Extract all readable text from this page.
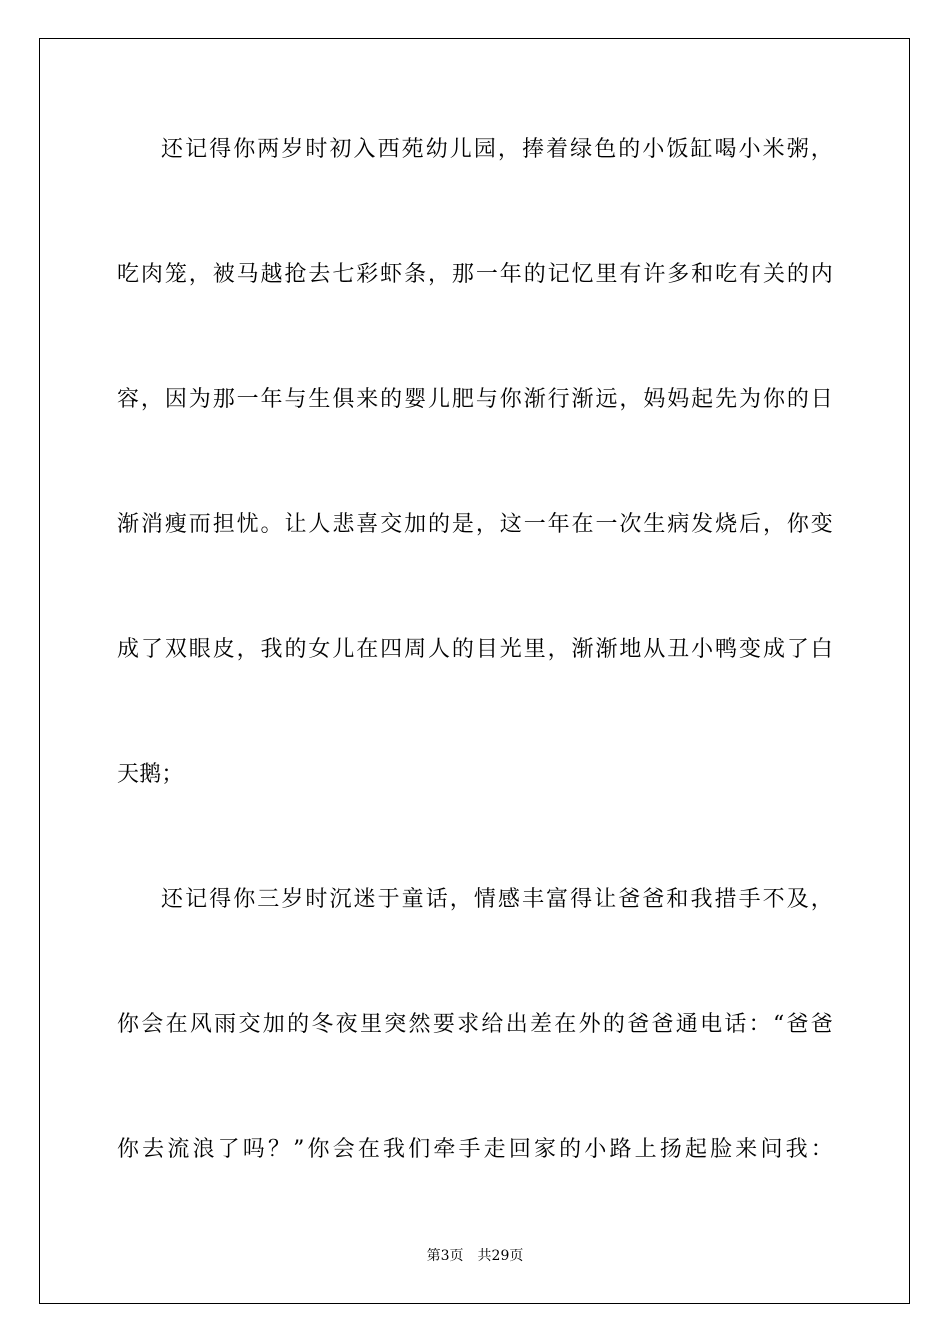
还记得你两岁时初入西苑幼儿园，捧着绿色的小饭缸喝小米粥，
吃肉笼，被马越抢去七彩虾条，那一年的记忆里有许多和吃有关的内
容，因为那一年与生俱来的婴儿肥与你渐行渐远，妈妈起先为你的日
渐消瘦而担忧。让人悲喜交加的是，这一年在一次生病发烧后，你变
成了双眼皮，我的女儿在四周人的目光里，渐渐地从丑小鸭变成了白
天鹅；
还记得你三岁时沉迷于童话，情感丰富得让爸爸和我措手不及，
你会在风雨交加的冬夜里突然要求给出差在外的爸爸通电话：“爸爸
你去流浪了吗？”你会在我们牵手走回家的小路上扬起脸来问我：
第3页 共29页
